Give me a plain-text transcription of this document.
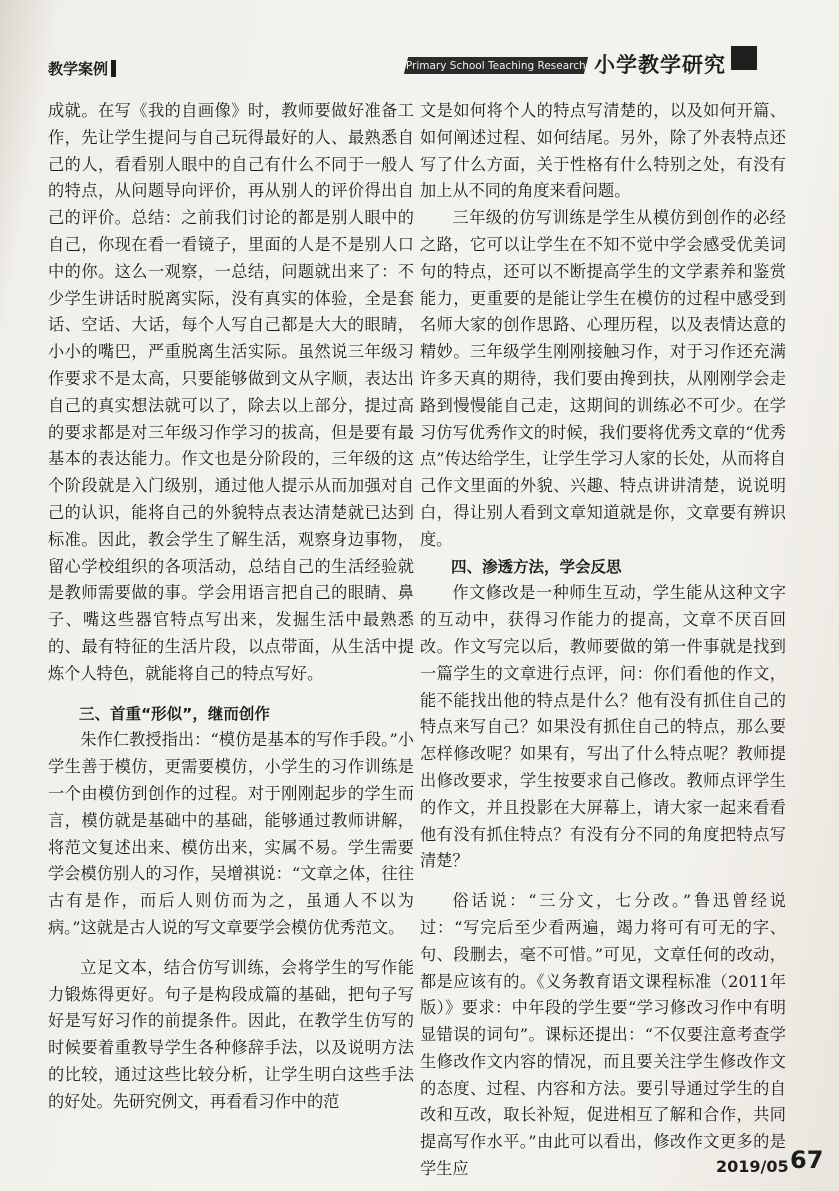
教学案例	Primary School Teaching Research 小学教学研究

成就。在写《我的自画像》时，教师要做好准备工作，先让学生提问与自己玩得最好的人、最熟悉自己的人，看看别人眼中的自己有什么不同于一般人的特点，从问题导向评价，再从别人的评价得出自己的评价。总结：之前我们讨论的都是别人眼中的自己，你现在看一看镜子，里面的人是不是别人口中的你。这么一观察，一总结，问题就出来了：不少学生讲话时脱离实际，没有真实的体验，全是套话、空话、大话，每个人写自己都是大大的眼睛，小小的嘴巴，严重脱离生活实际。虽然说三年级习作要求不是太高，只要能够做到文从字顺，表达出自己的真实想法就可以了，除去以上部分，提过高的要求都是对三年级习作学习的拔高，但是要有最基本的表达能力。作文也是分阶段的，三年级的这个阶段就是入门级别，通过他人提示从而加强对自己的认识，能将自己的外貌特点表达清楚就已达到标准。因此，教会学生了解生活，观察身边事物，留心学校组织的各项活动，总结自己的生活经验就是教师需要做的事。学会用语言把自己的眼睛、鼻子、嘴这些器官特点写出来，发掘生活中最熟悉的、最有特征的生活片段，以点带面，从生活中提炼个人特色，就能将自己的特点写好。

三、首重“形似”，继而创作

朱作仁教授指出：“模仿是基本的写作手段。”小学生善于模仿，更需要模仿，小学生的习作训练是一个由模仿到创作的过程。对于刚刚起步的学生而言，模仿就是基础中的基础，能够通过教师讲解，将范文复述出来、模仿出来，实属不易。学生需要学会模仿别人的习作，吴增祺说：“文章之体，往往古有是作，而后人则仿而为之，虽通人不以为病。”这就是古人说的写文章要学会模仿优秀范文。

立足文本，结合仿写训练，会将学生的写作能力锻炼得更好。句子是构段成篇的基础，把句子写好是写好习作的前提条件。因此，在教学生仿写的时候要着重教导学生各种修辞手法，以及说明方法的比较，通过这些比较分析，让学生明白这些手法的好处。先研究例文，再看看习作中的范

文是如何将个人的特点写清楚的，以及如何开篇、如何阐述过程、如何结尾。另外，除了外表特点还写了什么方面，关于性格有什么特别之处，有没有加上从不同的角度来看问题。

三年级的仿写训练是学生从模仿到创作的必经之路，它可以让学生在不知不觉中学会感受优美词句的特点，还可以不断提高学生的文学素养和鉴赏能力，更重要的是能让学生在模仿的过程中感受到名师大家的创作思路、心理历程，以及表情达意的精妙。三年级学生刚刚接触习作，对于习作还充满许多天真的期待，我们要由搀到扶，从刚刚学会走路到慢慢能自己走，这期间的训练必不可少。在学习仿写优秀作文的时候，我们要将优秀文章的“优秀点”传达给学生，让学生学习人家的长处，从而将自己作文里面的外貌、兴趣、特点讲讲清楚，说说明白，得让别人看到文章知道就是你，文章要有辨识度。

四、渗透方法，学会反思

作文修改是一种师生互动，学生能从这种文字的互动中，获得习作能力的提高，文章不厌百回改。作文写完以后，教师要做的第一件事就是找到一篇学生的文章进行点评，问：你们看他的作文，能不能找出他的特点是什么？他有没有抓住自己的特点来写自己？如果没有抓住自己的特点，那么要怎样修改呢？如果有，写出了什么特点呢？教师提出修改要求，学生按要求自己修改。教师点评学生的作文，并且投影在大屏幕上，请大家一起来看看他有没有抓住特点？有没有分不同的角度把特点写清楚？

俗话说：“三分文，七分改。”鲁迅曾经说过：“写完后至少看两遍，竭力将可有可无的字、句、段删去，毫不可惜。”可见，文章任何的改动，都是应该有的。《义务教育语文课程标准（2011年版）》要求：中年段的学生要“学习修改习作中有明显错误的词句”。课标还提出：“不仅要注意考查学生修改作文内容的情况，而且要关注学生修改作文的态度、过程、内容和方法。要引导通过学生的自改和互改，取长补短，促进相互了解和合作，共同提高写作水平。”由此可以看出，修改作文更多的是学生应	2019/05 67
